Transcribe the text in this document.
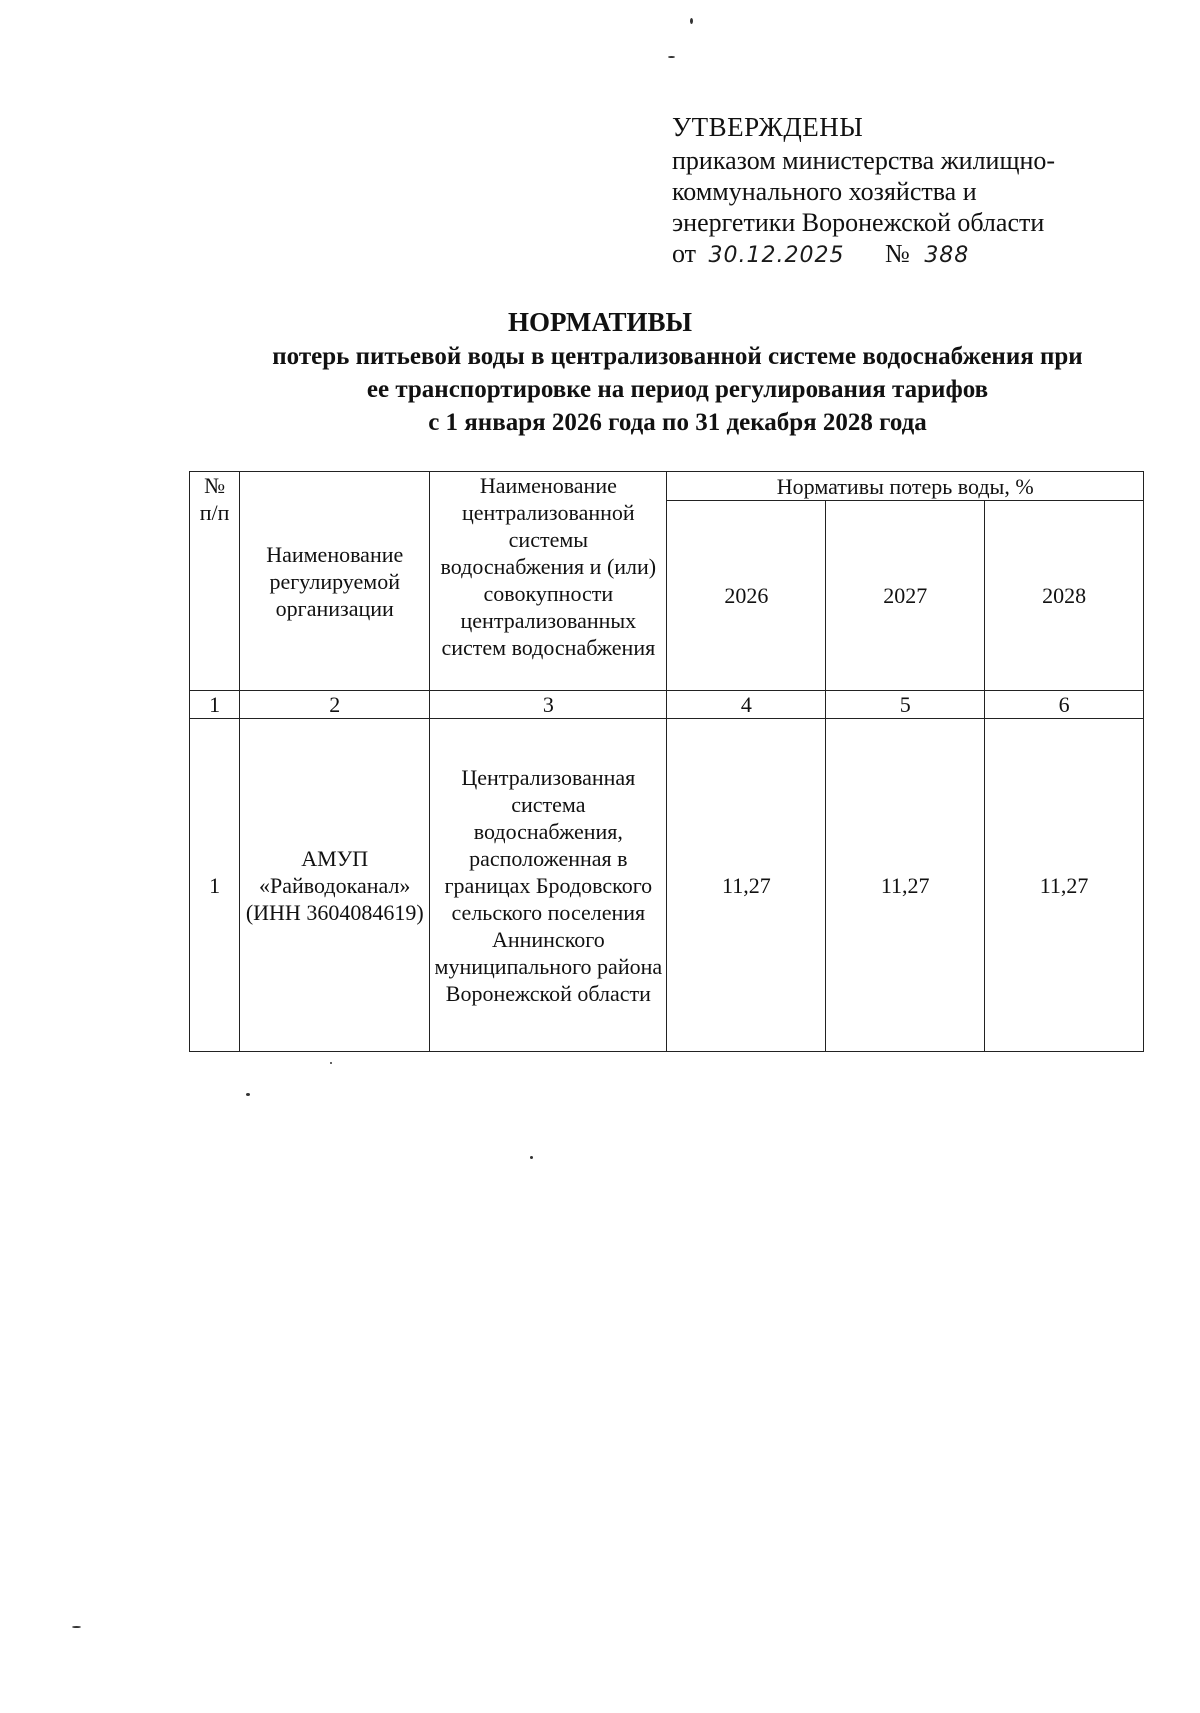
УТВЕРЖДЕНЫ
приказом министерства жилищно-
коммунального хозяйства и
энергетики Воронежской области
от 30.12.2025 № 388
НОРМАТИВЫ
потерь питьевой воды в централизованной системе водоснабжения при
ее транспортировке на период регулирования тарифов
с 1 января 2026 года по 31 декабря 2028 года
№ п/п	Наименование регулируемой организации	Наименование централизованной системы водоснабжения и (или) совокупности централизованных систем водоснабжения	Нормативы потерь воды, %		
			2026	2027	2028
1	2	3	4	5	6
1	АМУП «Райводоканал» (ИНН 3604084619)	Централизованная система водоснабжения, расположенная в границах Бродовского сельского поселения Аннинского муниципального района Воронежской области	11,27	11,27	11,27
